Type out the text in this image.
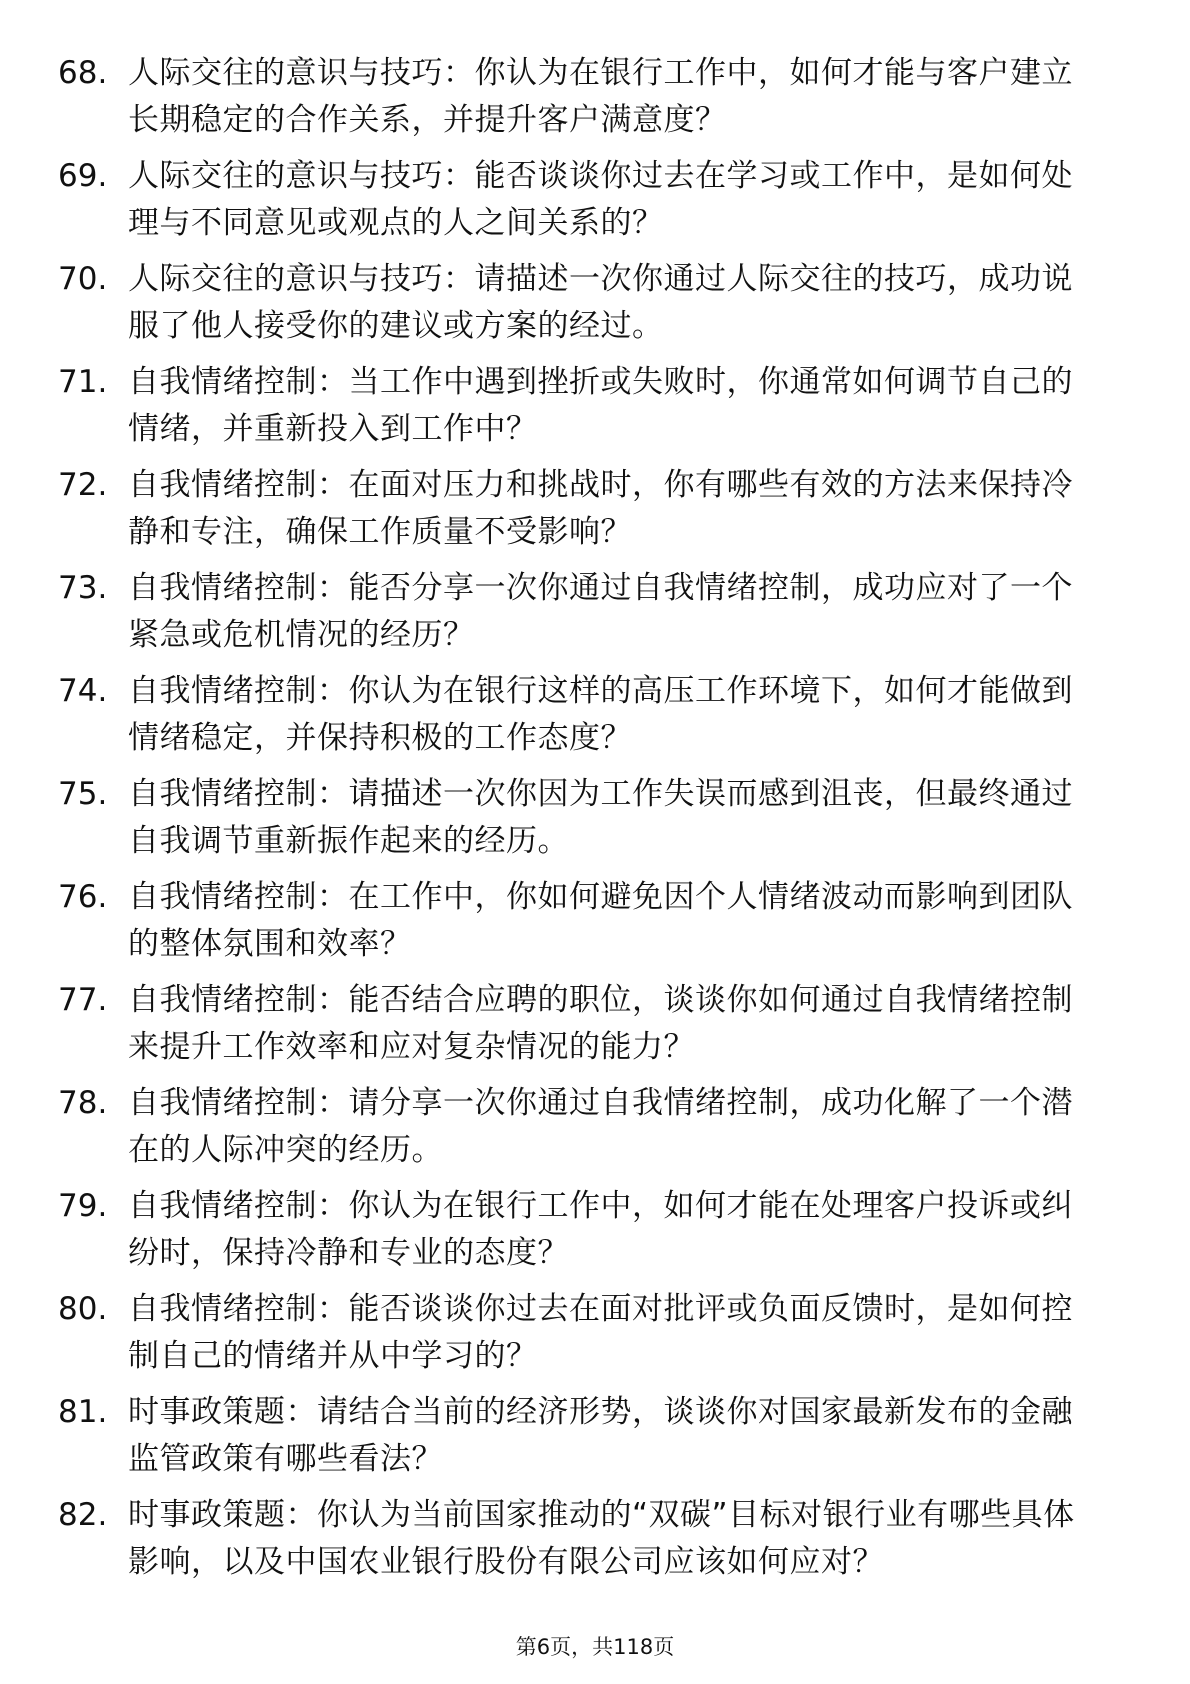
68. 人际交往的意识与技巧：你认为在银行工作中，如何才能与客户建立长期稳定的合作关系，并提升客户满意度？
69. 人际交往的意识与技巧：能否谈谈你过去在学习或工作中，是如何处理与不同意见或观点的人之间关系的？
70. 人际交往的意识与技巧：请描述一次你通过人际交往的技巧，成功说服了他人接受你的建议或方案的经过。
71. 自我情绪控制：当工作中遇到挫折或失败时，你通常如何调节自己的情绪，并重新投入到工作中？
72. 自我情绪控制：在面对压力和挑战时，你有哪些有效的方法来保持冷静和专注，确保工作质量不受影响？
73. 自我情绪控制：能否分享一次你通过自我情绪控制，成功应对了一个紧急或危机情况的经历？
74. 自我情绪控制：你认为在银行这样的高压工作环境下，如何才能做到情绪稳定，并保持积极的工作态度？
75. 自我情绪控制：请描述一次你因为工作失误而感到沮丧，但最终通过自我调节重新振作起来的经历。
76. 自我情绪控制：在工作中，你如何避免因个人情绪波动而影响到团队的整体氛围和效率？
77. 自我情绪控制：能否结合应聘的职位，谈谈你如何通过自我情绪控制来提升工作效率和应对复杂情况的能力？
78. 自我情绪控制：请分享一次你通过自我情绪控制，成功化解了一个潜在的人际冲突的经历。
79. 自我情绪控制：你认为在银行工作中，如何才能在处理客户投诉或纠纷时，保持冷静和专业的态度？
80. 自我情绪控制：能否谈谈你过去在面对批评或负面反馈时，是如何控制自己的情绪并从中学习的？
81. 时事政策题：请结合当前的经济形势，谈谈你对国家最新发布的金融监管政策有哪些看法？
82. 时事政策题：你认为当前国家推动的“双碳”目标对银行业有哪些具体影响，以及中国农业银行股份有限公司应该如何应对？
第6页，共118页
